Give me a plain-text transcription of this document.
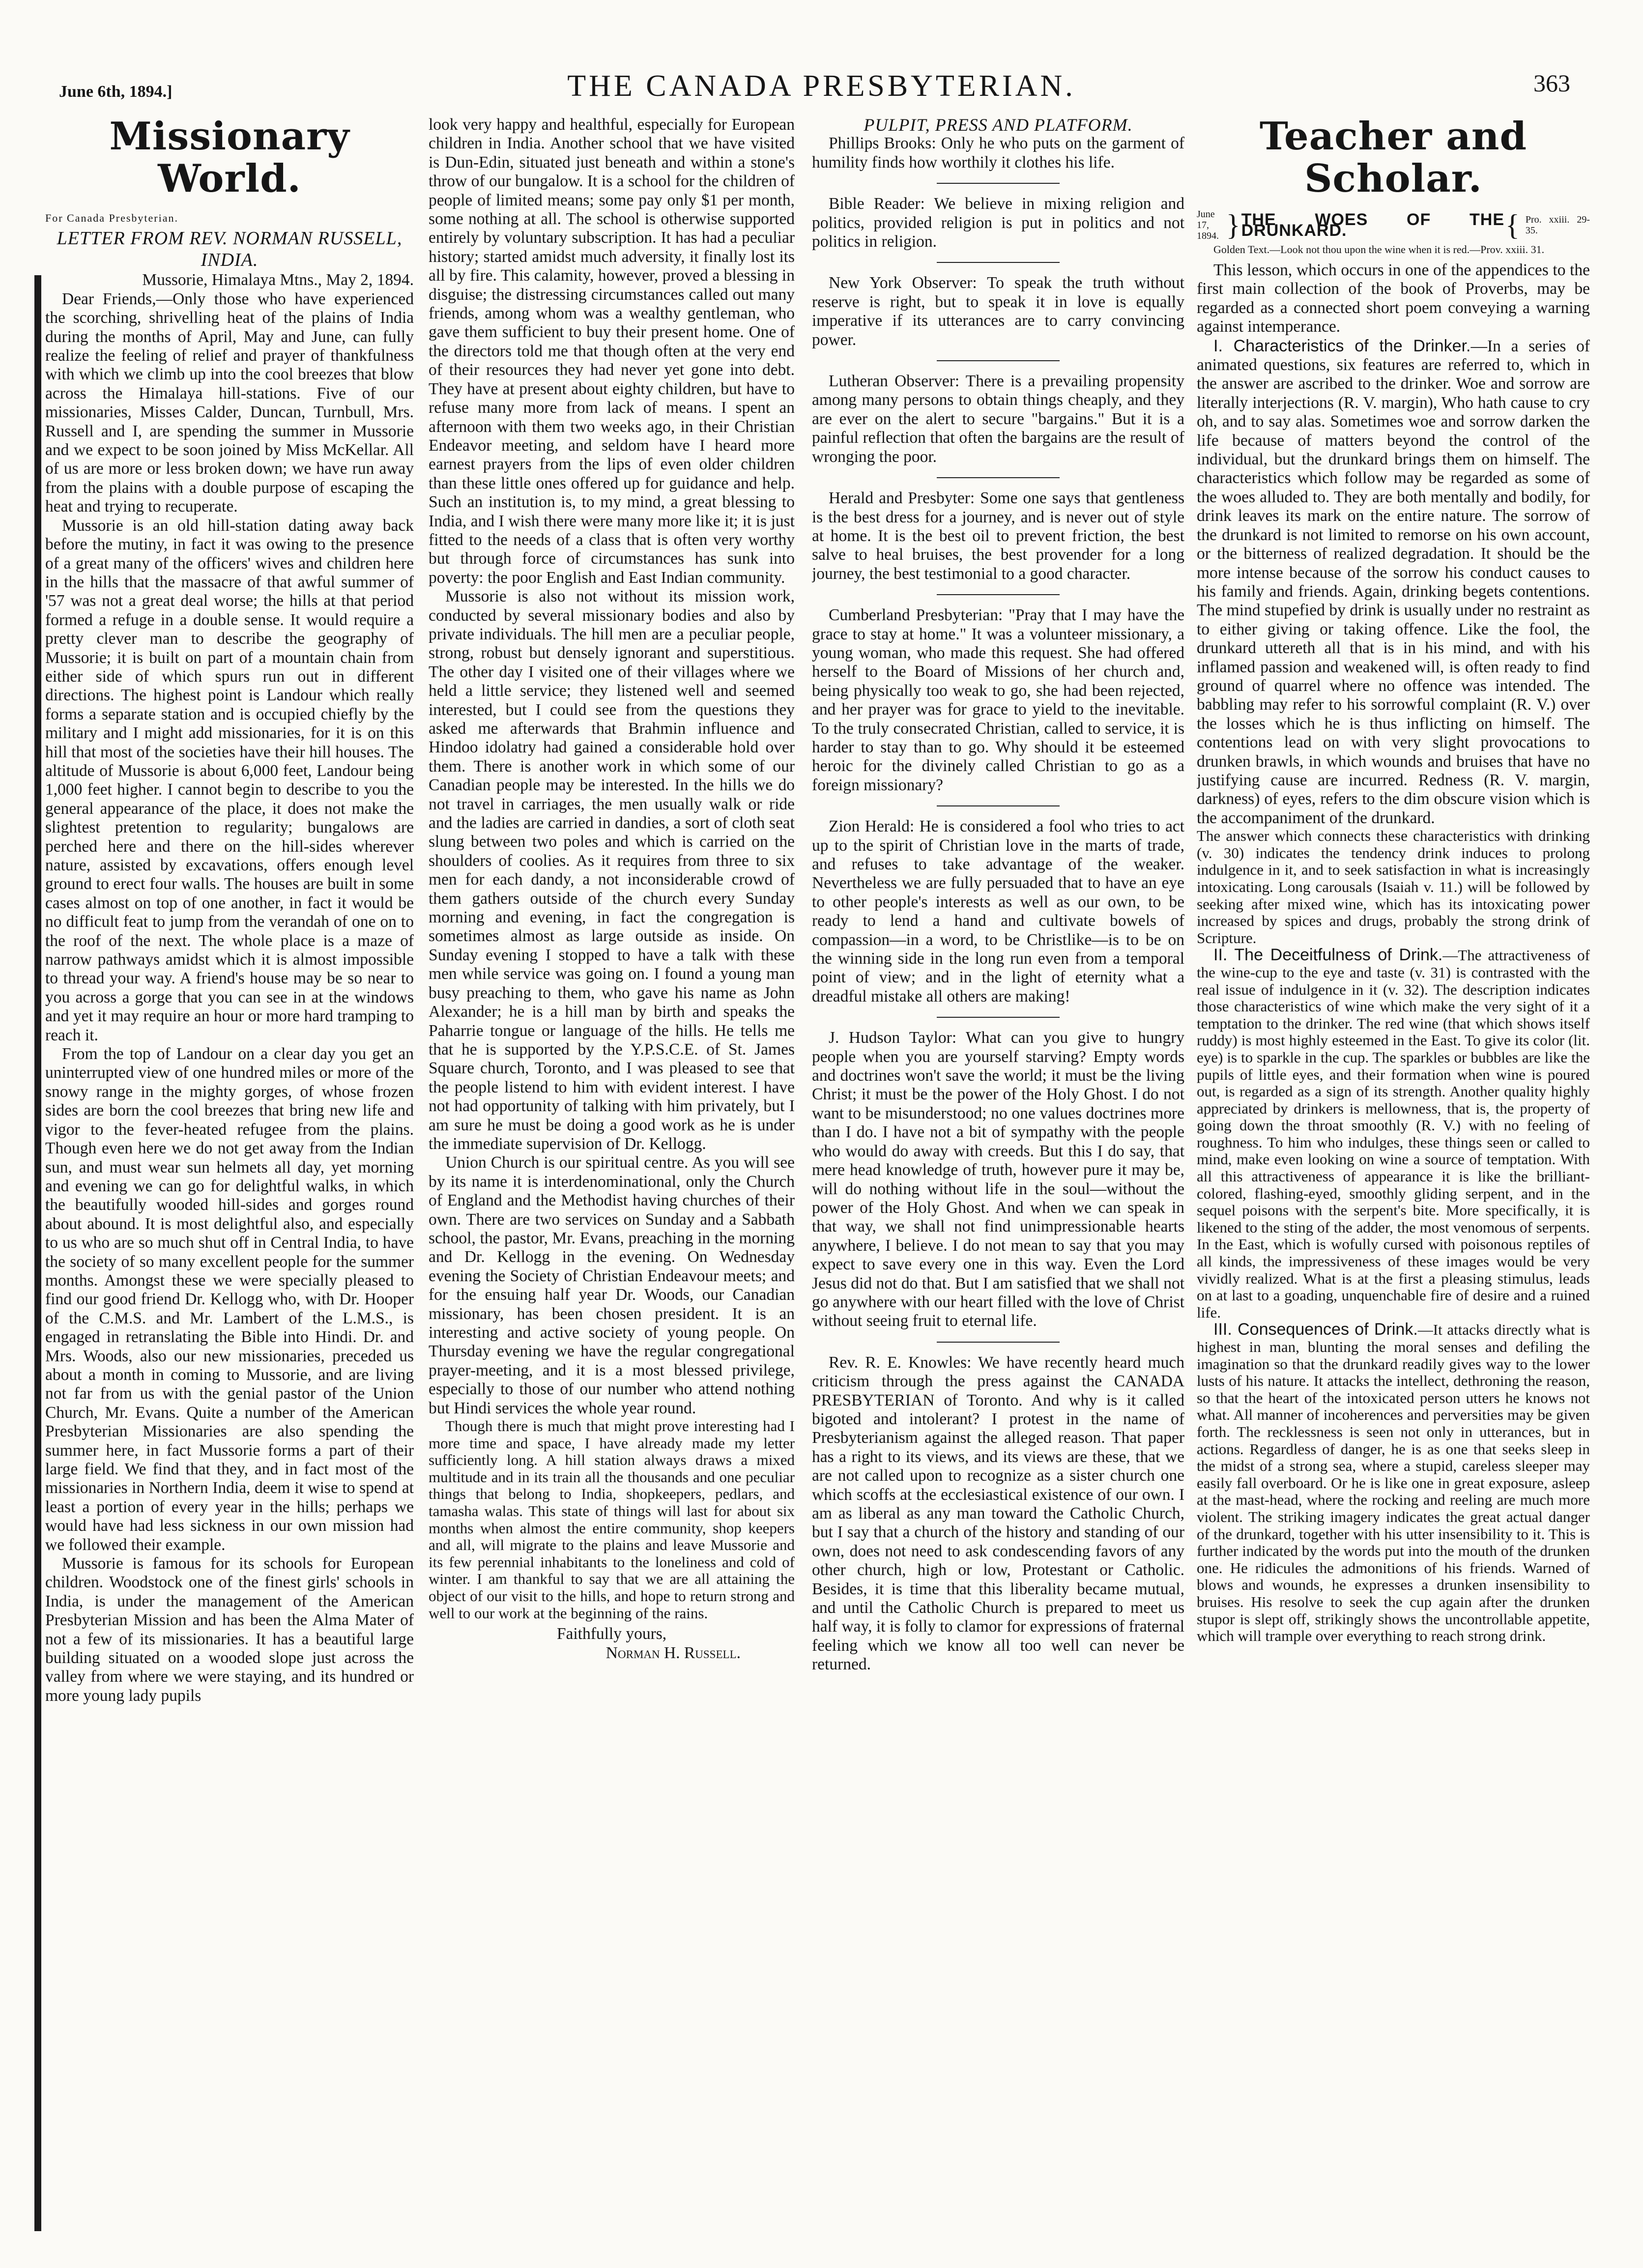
June 6th, 1894.]	THE CANADA PRESBYTERIAN.	363
Missionary World.

For Canada Presbyterian.

LETTER FROM REV. NORMAN RUSSELL, INDIA.

Mussorie, Himalaya Mtns., May 2, 1894.

Dear Friends,—Only those who have experienced the scorching, shrivelling heat of the plains of India during the months of April, May and June, can fully realize the feeling of relief and prayer of thankfulness with which we climb up into the cool breezes that blow across the Himalaya hill-stations. Five of our missionaries, Misses Calder, Duncan, Turnbull, Mrs. Russell and I, are spending the summer in Mussorie and we expect to be soon joined by Miss McKellar. All of us are more or less broken down; we have run away from the plains with a double purpose of escaping the heat and trying to recuperate.

Mussorie is an old hill-station dating away back before the mutiny, in fact it was owing to the presence of a great many of the officers' wives and children here in the hills that the massacre of that awful summer of '57 was not a great deal worse; the hills at that period formed a refuge in a double sense. It would require a pretty clever man to describe the geography of Mussorie; it is built on part of a mountain chain from either side of which spurs run out in different directions. The highest point is Landour which really forms a separate station and is occupied chiefly by the military and I might add missionaries, for it is on this hill that most of the societies have their hill houses. The altitude of Mussorie is about 6,000 feet, Landour being 1,000 feet higher. I cannot begin to describe to you the general appearance of the place, it does not make the slightest pretention to regularity; bungalows are perched here and there on the hill-sides wherever nature, assisted by excavations, offers enough level ground to erect four walls. The houses are built in some cases almost on top of one another, in fact it would be no difficult feat to jump from the verandah of one on to the roof of the next. The whole place is a maze of narrow pathways amidst which it is almost impossible to thread your way. A friend's house may be so near to you across a gorge that you can see in at the windows and yet it may require an hour or more hard tramping to reach it.

From the top of Landour on a clear day you get an uninterrupted view of one hundred miles or more of the snowy range in the mighty gorges, of whose frozen sides are born the cool breezes that bring new life and vigor to the fever-heated refugee from the plains. Though even here we do not get away from the Indian sun, and must wear sun helmets all day, yet morning and evening we can go for delightful walks, in which the beautifully wooded hill-sides and gorges round about abound. It is most delightful also, and especially to us who are so much shut off in Central India, to have the society of so many excellent people for the summer months. Amongst these we were specially pleased to find our good friend Dr. Kellogg who, with Dr. Hooper of the C.M.S. and Mr. Lambert of the L.M.S., is engaged in retranslating the Bible into Hindi. Dr. and Mrs. Woods, also our new missionaries, preceded us about a month in coming to Mussorie, and are living not far from us with the genial pastor of the Union Church, Mr. Evans. Quite a number of the American Presbyterian Missionaries are also spending the summer here, in fact Mussorie forms a part of their large field. We find that they, and in fact most of the missionaries in Northern India, deem it wise to spend at least a portion of every year in the hills; perhaps we would have had less sickness in our own mission had we followed their example.

Mussorie is famous for its schools for European children. Woodstock one of the finest girls' schools in India, is under the management of the American Presbyterian Mission and has been the Alma Mater of not a few of its missionaries. It has a beautiful large building situated on a wooded slope just across the valley from where we were staying, and its hundred or more young lady pupils

look very happy and healthful, especially for European children in India. Another school that we have visited is Dun-Edin, situated just beneath and within a stone's throw of our bungalow. It is a school for the children of people of limited means; some pay only $1 per month, some nothing at all. The school is otherwise supported entirely by voluntary subscription. It has had a peculiar history; started amidst much adversity, it finally lost its all by fire. This calamity, however, proved a blessing in disguise; the distressing circumstances called out many friends, among whom was a wealthy gentleman, who gave them sufficient to buy their present home. One of the directors told me that though often at the very end of their resources they had never yet gone into debt. They have at present about eighty children, but have to refuse many more from lack of means. I spent an afternoon with them two weeks ago, in their Christian Endeavor meeting, and seldom have I heard more earnest prayers from the lips of even older children than these little ones offered up for guidance and help. Such an institution is, to my mind, a great blessing to India, and I wish there were many more like it; it is just fitted to the needs of a class that is often very worthy but through force of circumstances has sunk into poverty: the poor English and East Indian community.

Mussorie is also not without its mission work, conducted by several missionary bodies and also by private individuals. The hill men are a peculiar people, strong, robust but densely ignorant and superstitious. The other day I visited one of their villages where we held a little service; they listened well and seemed interested, but I could see from the questions they asked me afterwards that Brahmin influence and Hindoo idolatry had gained a considerable hold over them. There is another work in which some of our Canadian people may be interested. In the hills we do not travel in carriages, the men usually walk or ride and the ladies are carried in dandies, a sort of cloth seat slung between two poles and which is carried on the shoulders of coolies. As it requires from three to six men for each dandy, a not inconsiderable crowd of them gathers outside of the church every Sunday morning and evening, in fact the congregation is sometimes almost as large outside as inside. On Sunday evening I stopped to have a talk with these men while service was going on. I found a young man busy preaching to them, who gave his name as John Alexander; he is a hill man by birth and speaks the Paharrie tongue or language of the hills. He tells me that he is supported by the Y.P.S.C.E. of St. James Square church, Toronto, and I was pleased to see that the people listend to him with evident interest. I have not had opportunity of talking with him privately, but I am sure he must be doing a good work as he is under the immediate supervision of Dr. Kellogg.

Union Church is our spiritual centre. As you will see by its name it is interdenominational, only the Church of England and the Methodist having churches of their own. There are two services on Sunday and a Sabbath school, the pastor, Mr. Evans, preaching in the morning and Dr. Kellogg in the evening. On Wednesday evening the Society of Christian Endeavour meets; and for the ensuing half year Dr. Woods, our Canadian missionary, has been chosen president. It is an interesting and active society of young people. On Thursday evening we have the regular congregational prayer-meeting, and it is a most blessed privilege, especially to those of our number who attend nothing but Hindi services the whole year round.

Though there is much that might prove interesting had I more time and space, I have already made my letter sufficiently long. A hill station always draws a mixed multitude and in its train all the thousands and one peculiar things that belong to India, shopkeepers, pedlars, and tamasha walas. This state of things will last for about six months when almost the entire community, shop keepers and all, will migrate to the plains and leave Mussorie and its few perennial inhabitants to the loneliness and cold of winter. I am thankful to say that we are all attaining the object of our visit to the hills, and hope to return strong and well to our work at the beginning of the rains.

Faithfully yours,

Norman H. Russell.

PULPIT, PRESS AND PLATFORM.

Phillips Brooks: Only he who puts on the garment of humility finds how worthily it clothes his life.

Bible Reader: We believe in mixing religion and politics, provided religion is put in politics and not politics in religion.

New York Observer: To speak the truth without reserve is right, but to speak it in love is equally imperative if its utterances are to carry convincing power.

Lutheran Observer: There is a prevailing propensity among many persons to obtain things cheaply, and they are ever on the alert to secure "bargains." But it is a painful reflection that often the bargains are the result of wronging the poor.

Herald and Presbyter: Some one says that gentleness is the best dress for a journey, and is never out of style at home. It is the best oil to prevent friction, the best salve to heal bruises, the best provender for a long journey, the best testimonial to a good character.

Cumberland Presbyterian: "Pray that I may have the grace to stay at home." It was a volunteer missionary, a young woman, who made this request. She had offered herself to the Board of Missions of her church and, being physically too weak to go, she had been rejected, and her prayer was for grace to yield to the inevitable. To the truly consecrated Christian, called to service, it is harder to stay than to go. Why should it be esteemed heroic for the divinely called Christian to go as a foreign missionary?

Zion Herald: He is considered a fool who tries to act up to the spirit of Christian love in the marts of trade, and refuses to take advantage of the weaker. Nevertheless we are fully persuaded that to have an eye to other people's interests as well as our own, to be ready to lend a hand and cultivate bowels of compassion—in a word, to be Christlike—is to be on the winning side in the long run even from a temporal point of view; and in the light of eternity what a dreadful mistake all others are making!

J. Hudson Taylor: What can you give to hungry people when you are yourself starving? Empty words and doctrines won't save the world; it must be the living Christ; it must be the power of the Holy Ghost. I do not want to be misunderstood; no one values doctrines more than I do. I have not a bit of sympathy with the people who would do away with creeds. But this I do say, that mere head knowledge of truth, however pure it may be, will do nothing without life in the soul—without the power of the Holy Ghost. And when we can speak in that way, we shall not find unimpressionable hearts anywhere, I believe. I do not mean to say that you may expect to save every one in this way. Even the Lord Jesus did not do that. But I am satisfied that we shall not go anywhere with our heart filled with the love of Christ without seeing fruit to eternal life.

Rev. R. E. Knowles: We have recently heard much criticism through the press against the CANADA PRESBYTERIAN of Toronto. And why is it called bigoted and intolerant? I protest in the name of Presbyterianism against the alleged reason. That paper has a right to its views, and its views are these, that we are not called upon to recognize as a sister church one which scoffs at the ecclesiastical existence of our own. I am as liberal as any man toward the Catholic Church, but I say that a church of the history and standing of our own, does not need to ask condescending favors of any other church, high or low, Protestant or Catholic. Besides, it is time that this liberality became mutual, and until the Catholic Church is prepared to meet us half way, it is folly to clamor for expressions of fraternal feeling which we know all too well can never be returned.

Teacher and Scholar.
June 17, 1894. } THE WOES OF THE DRUNKARD.	{ Pro. xxiii. 29-35.

Golden Text.—Look not thou upon the wine when it is red.—Prov. xxiii. 31.

This lesson, which occurs in one of the appendices to the first main collection of the book of Proverbs, may be regarded as a connected short poem conveying a warning against intemperance.

I. Characteristics of the Drinker.—In a series of animated questions, six features are referred to, which in the answer are ascribed to the drinker. Woe and sorrow are literally interjections (R. V. margin), Who hath cause to cry oh, and to say alas. Sometimes woe and sorrow darken the life because of matters beyond the control of the individual, but the drunkard brings them on himself. The characteristics which follow may be regarded as some of the woes alluded to. They are both mentally and bodily, for drink leaves its mark on the entire nature. The sorrow of the drunkard is not limited to remorse on his own account, or the bitterness of realized degradation. It should be the more intense because of the sorrow his conduct causes to his family and friends. Again, drinking begets contentions. The mind stupefied by drink is usually under no restraint as to either giving or taking offence. Like the fool, the drunkard uttereth all that is in his mind, and with his inflamed passion and weakened will, is often ready to find ground of quarrel where no offence was intended. The babbling may refer to his sorrowful complaint (R. V.) over the losses which he is thus inflicting on himself. The contentions lead on with very slight provocations to drunken brawls, in which wounds and bruises that have no justifying cause are incurred. Redness (R. V. margin, darkness) of eyes, refers to the dim obscure vision which is the accompaniment of the drunkard.

The answer which connects these characteristics with drinking (v. 30) indicates the tendency drink induces to prolong indulgence in it, and to seek satisfaction in what is increasingly intoxicating. Long carousals (Isaiah v. 11.) will be followed by seeking after mixed wine, which has its intoxicating power increased by spices and drugs, probably the strong drink of Scripture.

II. The Deceitfulness of Drink.—The attractiveness of the wine-cup to the eye and taste (v. 31) is contrasted with the real issue of indulgence in it (v. 32). The description indicates those characteristics of wine which make the very sight of it a temptation to the drinker. The red wine (that which shows itself ruddy) is most highly esteemed in the East. To give its color (lit. eye) is to sparkle in the cup. The sparkles or bubbles are like the pupils of little eyes, and their formation when wine is poured out, is regarded as a sign of its strength. Another quality highly appreciated by drinkers is mellowness, that is, the property of going down the throat smoothly (R. V.) with no feeling of roughness. To him who indulges, these things seen or called to mind, make even looking on wine a source of temptation. With all this attractiveness of appearance it is like the brilliant-colored, flashing-eyed, smoothly gliding serpent, and in the sequel poisons with the serpent's bite. More specifically, it is likened to the sting of the adder, the most venomous of serpents. In the East, which is wofully cursed with poisonous reptiles of all kinds, the impressiveness of these images would be very vividly realized. What is at the first a pleasing stimulus, leads on at last to a goading, unquenchable fire of desire and a ruined life.

III. Consequences of Drink.—It attacks directly what is highest in man, blunting the moral senses and defiling the imagination so that the drunkard readily gives way to the lower lusts of his nature. It attacks the intellect, dethroning the reason, so that the heart of the intoxicated person utters he knows not what. All manner of incoherences and perversities may be given forth. The recklessness is seen not only in utterances, but in actions. Regardless of danger, he is as one that seeks sleep in the midst of a strong sea, where a stupid, careless sleeper may easily fall overboard. Or he is like one in great exposure, asleep at the mast-head, where the rocking and reeling are much more violent. The striking imagery indicates the great actual danger of the drunkard, together with his utter insensibility to it. This is further indicated by the words put into the mouth of the drunken one. He ridicules the admonitions of his friends. Warned of blows and wounds, he expresses a drunken insensibility to bruises. His resolve to seek the cup again after the drunken stupor is slept off, strikingly shows the uncontrollable appetite, which will trample over everything to reach strong drink.
